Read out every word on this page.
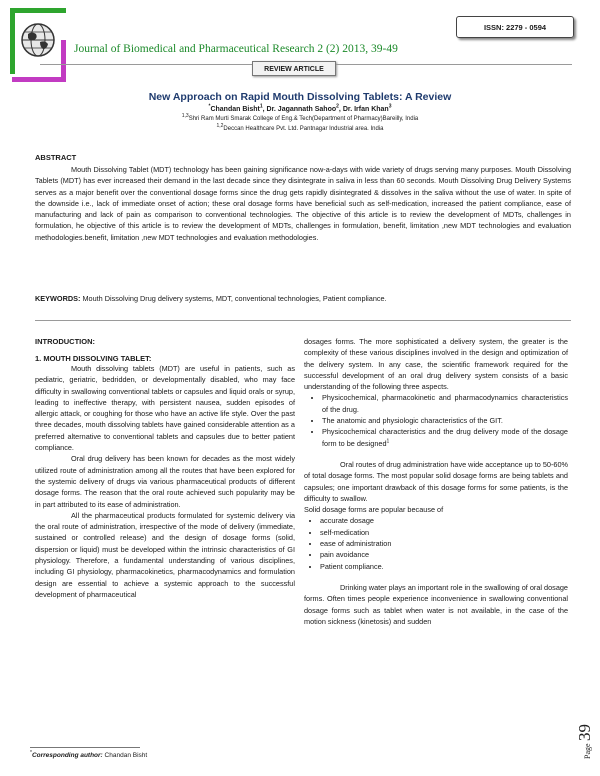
ISSN: 2279 - 0594
Journal of Biomedical and Pharmaceutical Research 2 (2) 2013, 39-49
REVIEW ARTICLE
New Approach on Rapid Mouth Dissolving Tablets: A Review
*Chandan Bisht$^1$, Dr. Jagannath Sahoo$^2$, Dr. Irfan Khan$^3$
$^{1,3}$Shri Ram Murti Smarak College of Eng.& Tech(Department of Pharmacy)Bareilly, India
$^{1,2}$Deccan Healthcare Pvt. Ltd. Pantnagar Industrial area. India
ABSTRACT

Mouth Dissolving Tablet (MDT) technology has been gaining significance now-a-days with wide variety of drugs serving many purposes. Mouth Dissolving Tablets (MDT) has ever increased their demand in the last decade since they disintegrate in saliva in less than 60 seconds. Mouth Dissolving Drug Delivery Systems serves as a major benefit over the conventional dosage forms since the drug gets rapidly disintegrated & dissolves in the saliva without the use of water. In spite of the downside i.e., lack of immediate onset of action; these oral dosage forms have beneficial such as self-medication, increased the patient compliance, ease of manufacturing and lack of pain as comparison to conventional technologies. The objective of this article is to review the development of MDTs, challenges in formulation, he objective of this article is to review the development of MDTs, challenges in formulation, benefit, limitation ,new MDT technologies and evaluation methodologies.benefit, limitation ,new MDT technologies and evaluation methodologies.

KEYWORDS: Mouth Dissolving Drug delivery systems, MDT, conventional technologies, Patient compliance.
INTRODUCTION:
1. MOUTH DISSOLVING TABLET:

Mouth dissolving tablets (MDT) are useful in patients, such as pediatric, geriatric, bedridden, or developmentally disabled, who may face difficulty in swallowing conventional tablets or capsules and liquid orals or syrup, leading to ineffective therapy, with persistent nausea, sudden episodes of allergic attack, or coughing for those who have an active life style. Over the past three decades, mouth dissolving tablets have gained considerable attention as a preferred alternative to conventional tablets and capsules due to better patient compliance.

Oral drug delivery has been known for decades as the most widely utilized route of administration among all the routes that have been explored for the systemic delivery of drugs via various pharmaceutical products of different dosage forms. The reason that the oral route achieved such popularity may be in part attributed to its ease of administration.

All the pharmaceutical products formulated for systemic delivery via the oral route of administration, irrespective of the mode of delivery (immediate, sustained or controlled release) and the design of dosage forms (solid, dispersion or liquid) must be developed within the intrinsic characteristics of GI physiology. Therefore, a fundamental understanding of various disciplines, including GI physiology, pharmacokinetics, pharmacodynamics and formulation design are essential to achieve a systemic approach to the successful development of pharmaceutical

dosages forms. The more sophisticated a delivery system, the greater is the complexity of these various disciplines involved in the design and optimization of the delivery system. In any case, the scientific framework required for the successful development of an oral drug delivery system consists of a basic understanding of the following three aspects.

• Physicochemical, pharmacokinetic and pharmacodynamics characteristics of the drug.
• The anatomic and physiologic characteristics of the GIT.
• Physicochemical characteristics and the drug delivery mode of the dosage form to be designed$^1$

Oral routes of drug administration have wide acceptance up to 50-60% of total dosage forms. The most popular solid dosage forms are being tablets and capsules; one important drawback of this dosage forms for some patients, is the difficulty to swallow.

Solid dosage forms are popular because of
• accurate dosage
• self-medication
• ease of administration
• pain avoidance
• Patient compliance.

Drinking water plays an important role in the swallowing of oral dosage forms. Often times people experience inconvenience in swallowing conventional dosage forms such as tablet when water is not available, in the case of the motion sickness (kinetosis) and sudden

Page
39
*Corresponding author: Chandan Bisht
